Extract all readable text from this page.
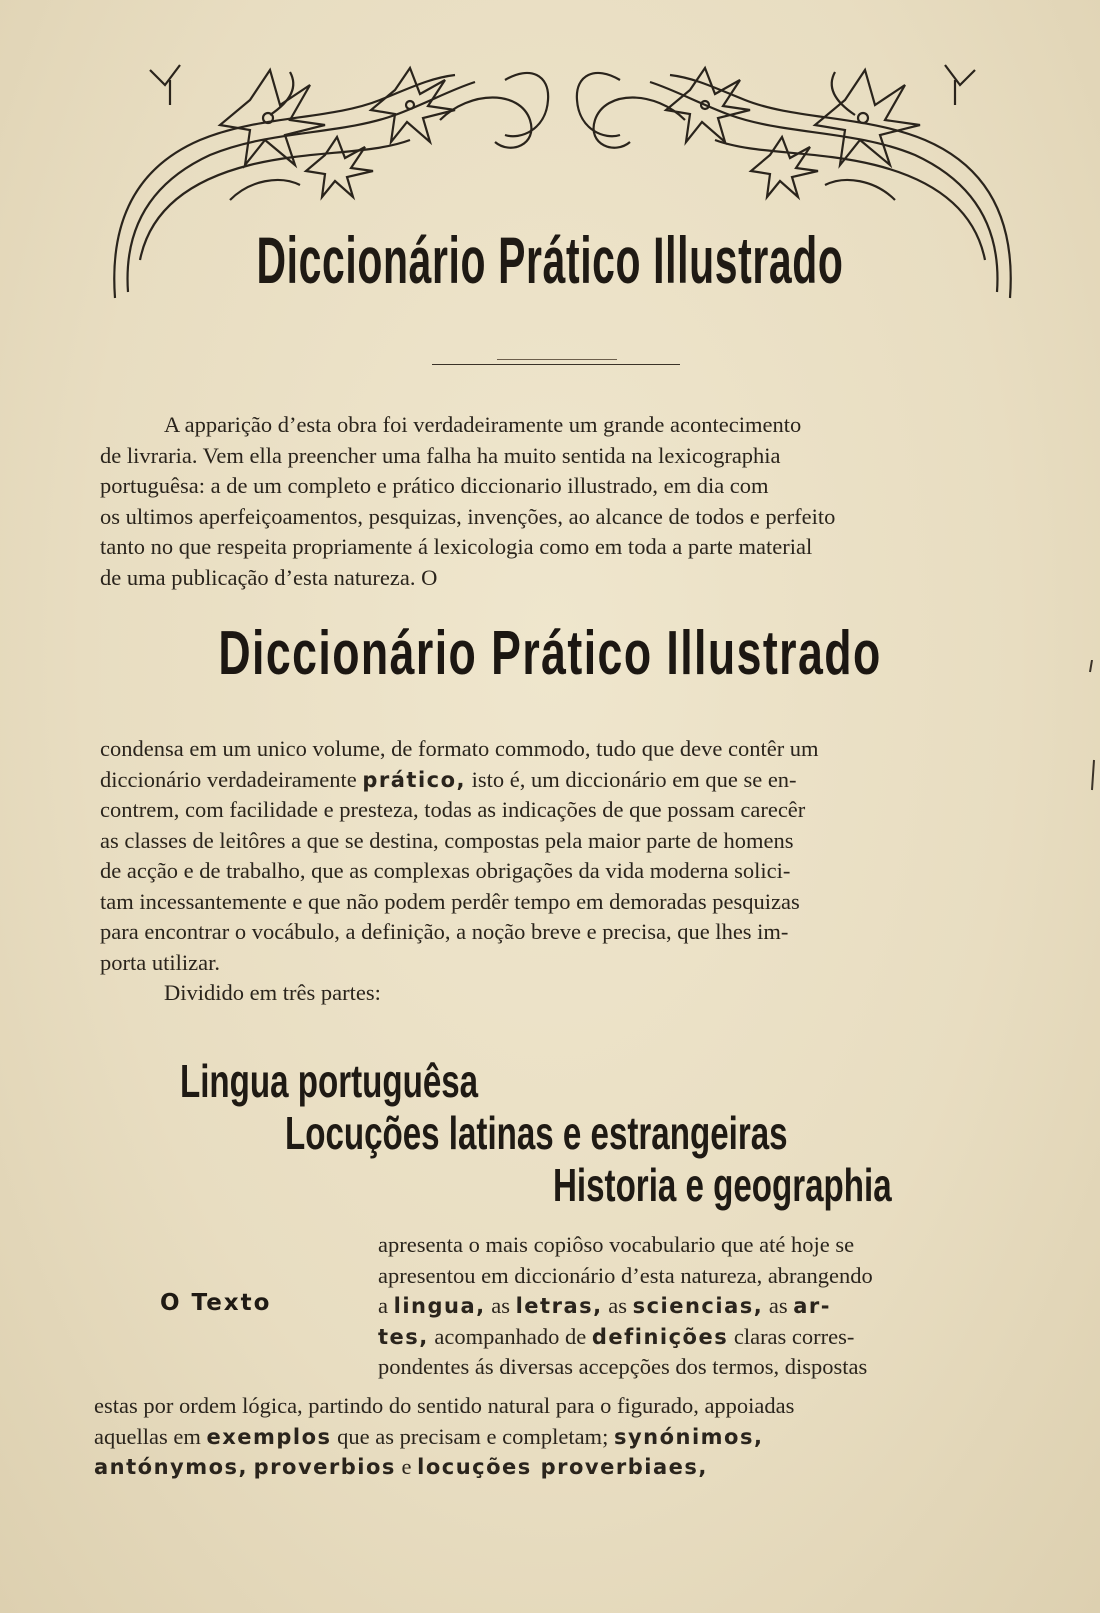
Diccionário Prático Illustrado

A apparição d’esta obra foi verdadeiramente um grande acontecimento

de livraria. Vem ella preencher uma falha ha muito sentida na lexicographia

portuguêsa: a de um completo e prático diccionario illustrado, em dia com

os ultimos aperfeiçoamentos, pesquizas, invenções, ao alcance de todos e perfeito

tanto no que respeita propriamente á lexicologia como em toda a parte material

de uma publicação d’esta natureza. O

Diccionário Prático Illustrado

condensa em um unico volume, de formato commodo, tudo que deve contêr um

diccionário verdadeiramente prático, isto é, um diccionário em que se en-

contrem, com facilidade e presteza, todas as indicações de que possam carecêr

as classes de leitôres a que se destina, compostas pela maior parte de homens

de acção e de trabalho, que as complexas obrigações da vida moderna solici-

tam incessantemente e que não podem perdêr tempo em demoradas pesquizas

para encontrar o vocábulo, a definição, a noção breve e precisa, que lhes im-

porta utilizar.

Dividido em três partes:

Lingua portuguêsa
Locuções latinas e estrangeiras
Historia e geographia
O Texto

apresenta o mais copiôso vocabulario que até hoje se

apresentou em diccionário d’esta natureza, abrangendo

a lingua, as letras, as sciencias, as ar-

tes, acompanhado de definições claras corres-

pondentes ás diversas accepções dos termos, dispostas

estas por ordem lógica, partindo do sentido natural para o figurado, appoiadas

aquellas em exemplos que as precisam e completam; synónimos,

antónymos, proverbios e locuções proverbiaes,
